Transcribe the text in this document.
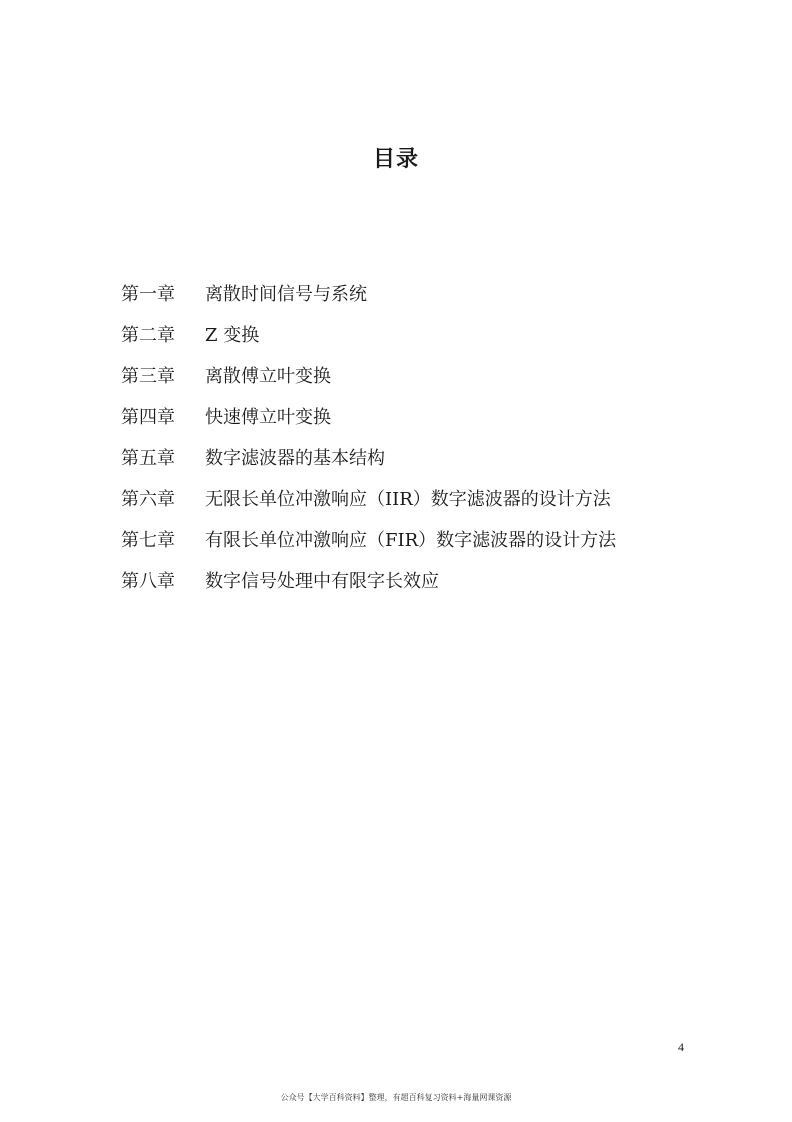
目录
第一章	离散时间信号与系统
第二章	Z 变换
第三章	离散傅立叶变换
第四章	快速傅立叶变换
第五章	数字滤波器的基本结构
第六章	无限长单位冲激响应（IIR）数字滤波器的设计方法
第七章	有限长单位冲激响应（FIR）数字滤波器的设计方法
第八章	数字信号处理中有限字长效应
4
公众号【大学百科资料】整理，有超百科复习资料+海量网课资源
